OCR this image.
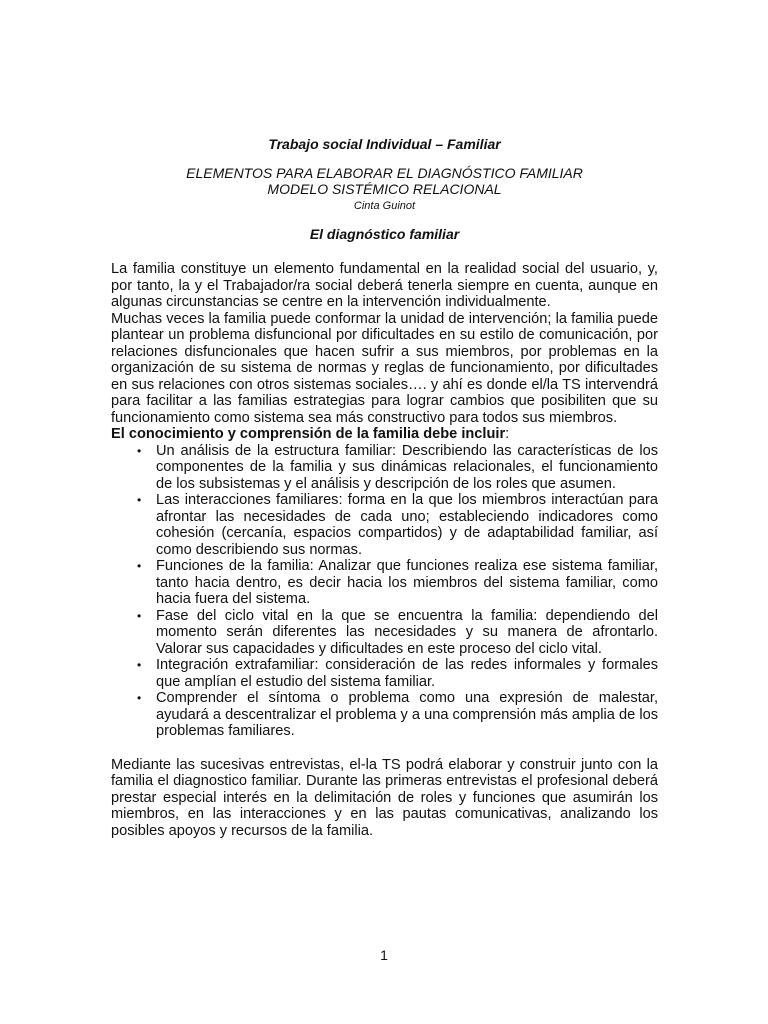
Trabajo social Individual – Familiar
ELEMENTOS PARA ELABORAR EL DIAGNÓSTICO FAMILIAR
MODELO SISTÉMICO RELACIONAL
Cinta Guinot
El diagnóstico familiar

La familia constituye un elemento fundamental en la realidad social del usuario, y, por tanto, la y el Trabajador/ra social deberá tenerla siempre en cuenta, aunque en algunas circunstancias se centre en la intervención individualmente.

Muchas veces la familia puede conformar la unidad de intervención; la familia puede plantear un problema disfuncional por dificultades en su estilo de comunicación, por relaciones disfuncionales que hacen sufrir a sus miembros, por problemas en la organización de su sistema de normas y reglas de funcionamiento, por dificultades en sus relaciones con otros sistemas sociales…. y ahí es donde el/la TS intervendrá para facilitar a las familias estrategias para lograr cambios que posibiliten que su funcionamiento como sistema sea más constructivo para todos sus miembros.

El conocimiento y comprensión de la familia debe incluir:

• Un análisis de la estructura familiar: Describiendo las características de los componentes de la familia y sus dinámicas relacionales, el funcionamiento de los subsistemas y el análisis y descripción de los roles que asumen.
• Las interacciones familiares: forma en la que los miembros interactúan para afrontar las necesidades de cada uno; estableciendo indicadores como cohesión (cercanía, espacios compartidos) y de adaptabilidad familiar, así como describiendo sus normas.
• Funciones de la familia: Analizar que funciones realiza ese sistema familiar, tanto hacia dentro, es decir hacia los miembros del sistema familiar, como hacia fuera del sistema.
• Fase del ciclo vital en la que se encuentra la familia: dependiendo del momento serán diferentes las necesidades y su manera de afrontarlo. Valorar sus capacidades y dificultades en este proceso del ciclo vital.
• Integración extrafamiliar: consideración de las redes informales y formales que amplían el estudio del sistema familiar.
• Comprender el síntoma o problema como una expresión de malestar, ayudará a descentralizar el problema y a una comprensión más amplia de los problemas familiares.

Mediante las sucesivas entrevistas, el-la TS podrá elaborar y construir junto con la familia el diagnostico familiar. Durante las primeras entrevistas el profesional deberá prestar especial interés en la delimitación de roles y funciones que asumirán los miembros, en las interacciones y en las pautas comunicativas, analizando los posibles apoyos y recursos de la familia.

1
